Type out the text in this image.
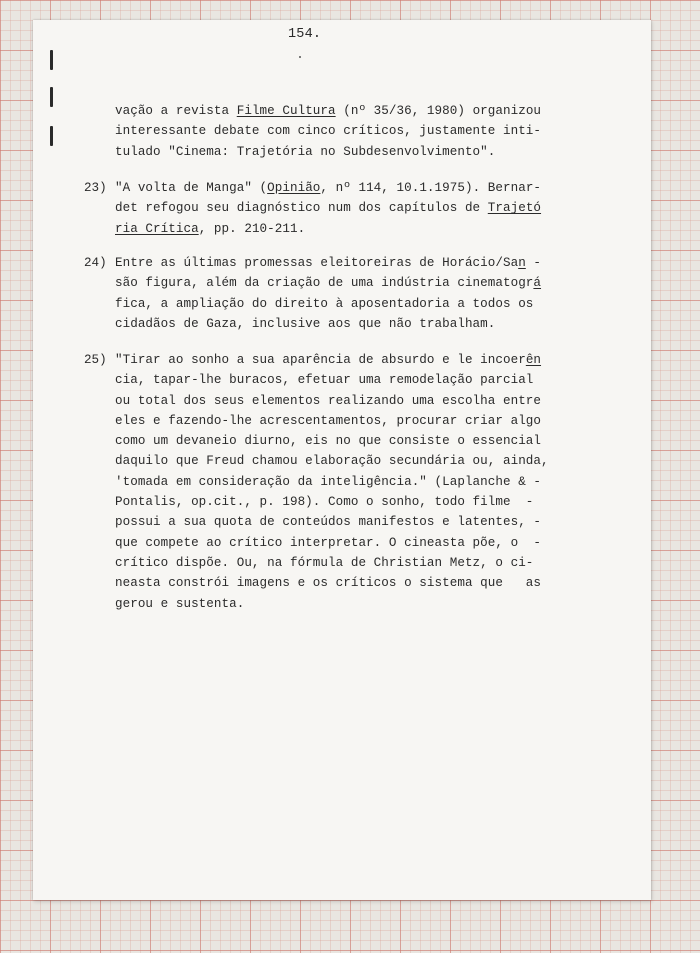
154.
vação a revista Filme Cultura (nº 35/36, 1980) organizou
interessante debate com cinco críticos, justamente inti-
tulado "Cinema: Trajetória no Subdesenvolvimento".
23) "A volta de Manga" (Opinião, nº 114, 10.1.1975). Bernar-
det refogou seu diagnóstico num dos capítulos de Trajetó
ria Crítica, pp. 210-211.
24) Entre as últimas promessas eleitoreiras de Horácio/San -
são figura, além da criação de uma indústria cinematográ
fica, a ampliação do direito à aposentadoria a todos os
cidadãos de Gaza, inclusive aos que não trabalham.
25) "Tirar ao sonho a sua aparência de absurdo e le incoerên
cia, tapar-lhe buracos, efetuar uma remodelação parcial
ou total dos seus elementos realizando uma escolha entre
eles e fazendo-lhe acrescentamentos, procurar criar algo
como um devaneio diurno, eis no que consiste o essencial
daquilo que Freud chamou elaboração secundária ou, ainda,
'tomada em consideração da inteligência." (Laplanche & -
Pontalis, op.cit., p. 198). Como o sonho, todo filme  -
possui a sua quota de conteúdos manifestos e latentes, -
que compete ao crítico interpretar. O cineasta põe, o  -
crítico dispõe. Ou, na fórmula de Christian Metz, o ci-
neasta constrói imagens e os críticos o sistema que   as
gerou e sustenta.
